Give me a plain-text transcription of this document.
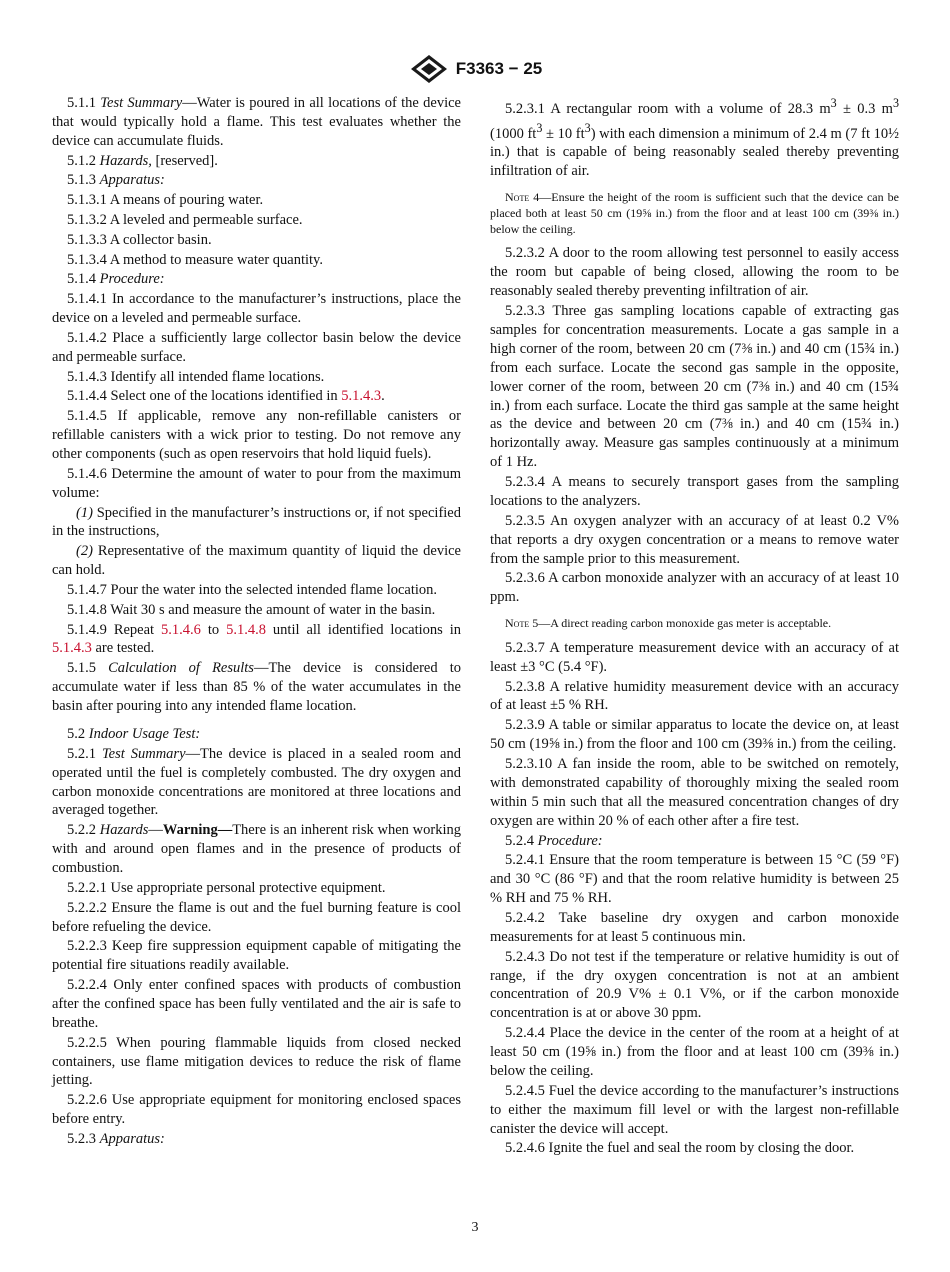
F3363 − 25

5.1.1 Test Summary—Water is poured in all locations of the device that would typically hold a flame. This test evaluates whether the device can accumulate fluids.

5.1.2 Hazards, [reserved].

5.1.3 Apparatus:

5.1.3.1 A means of pouring water.

5.1.3.2 A leveled and permeable surface.

5.1.3.3 A collector basin.

5.1.3.4 A method to measure water quantity.

5.1.4 Procedure:

5.1.4.1 In accordance to the manufacturer’s instructions, place the device on a leveled and permeable surface.

5.1.4.2 Place a sufficiently large collector basin below the device and permeable surface.

5.1.4.3 Identify all intended flame locations.

5.1.4.4 Select one of the locations identified in 5.1.4.3.

5.1.4.5 If applicable, remove any non-refillable canisters or refillable canisters with a wick prior to testing. Do not remove any other components (such as open reservoirs that hold liquid fuels).

5.1.4.6 Determine the amount of water to pour from the maximum volume:

(1) Specified in the manufacturer’s instructions or, if not specified in the instructions,

(2) Representative of the maximum quantity of liquid the device can hold.

5.1.4.7 Pour the water into the selected intended flame location.

5.1.4.8 Wait 30 s and measure the amount of water in the basin.

5.1.4.9 Repeat 5.1.4.6 to 5.1.4.8 until all identified locations in 5.1.4.3 are tested.

5.1.5 Calculation of Results—The device is considered to accumulate water if less than 85 % of the water accumulates in the basin after pouring into any intended flame location.

5.2 Indoor Usage Test:

5.2.1 Test Summary—The device is placed in a sealed room and operated until the fuel is completely combusted. The dry oxygen and carbon monoxide concentrations are monitored at three locations and averaged together.

5.2.2 Hazards—Warning—There is an inherent risk when working with and around open flames and in the presence of products of combustion.

5.2.2.1 Use appropriate personal protective equipment.

5.2.2.2 Ensure the flame is out and the fuel burning feature is cool before refueling the device.

5.2.2.3 Keep fire suppression equipment capable of mitigating the potential fire situations readily available.

5.2.2.4 Only enter confined spaces with products of combustion after the confined space has been fully ventilated and the air is safe to breathe.

5.2.2.5 When pouring flammable liquids from closed necked containers, use flame mitigation devices to reduce the risk of flame jetting.

5.2.2.6 Use appropriate equipment for monitoring enclosed spaces before entry.

5.2.3 Apparatus:

5.2.3.1 A rectangular room with a volume of 28.3 $m^3 \pm 0.3$ $m^3$ (1000 $ft^3 \pm 10$ $ft^3$) with each dimension a minimum of 2.4 m (7 ft 10½ in.) that is capable of being reasonably sealed thereby preventing infiltration of air.

Note 4—Ensure the height of the room is sufficient such that the device can be placed both at least 50 cm (19⅝ in.) from the floor and at least 100 cm (39⅜ in.) below the ceiling.

5.2.3.2 A door to the room allowing test personnel to easily access the room but capable of being closed, allowing the room to be reasonably sealed thereby preventing infiltration of air.

5.2.3.3 Three gas sampling locations capable of extracting gas samples for concentration measurements. Locate a gas sample in a high corner of the room, between 20 cm (7⅜ in.) and 40 cm (15¾ in.) from each surface. Locate the second gas sample in the opposite, lower corner of the room, between 20 cm (7⅜ in.) and 40 cm (15¾ in.) from each surface. Locate the third gas sample at the same height as the device and between 20 cm (7⅜ in.) and 40 cm (15¾ in.) horizontally away. Measure gas samples continuously at a minimum of 1 Hz.

5.2.3.4 A means to securely transport gases from the sampling locations to the analyzers.

5.2.3.5 An oxygen analyzer with an accuracy of at least 0.2 V% that reports a dry oxygen concentration or a means to remove water from the sample prior to this measurement.

5.2.3.6 A carbon monoxide analyzer with an accuracy of at least 10 ppm.

Note 5—A direct reading carbon monoxide gas meter is acceptable.

5.2.3.7 A temperature measurement device with an accuracy of at least ±3 °C (5.4 °F).

5.2.3.8 A relative humidity measurement device with an accuracy of at least ±5 % RH.

5.2.3.9 A table or similar apparatus to locate the device on, at least 50 cm (19⅝ in.) from the floor and 100 cm (39⅜ in.) from the ceiling.

5.2.3.10 A fan inside the room, able to be switched on remotely, with demonstrated capability of thoroughly mixing the sealed room within 5 min such that all the measured concentration changes of dry oxygen are within 20 % of each other after a fire test.

5.2.4 Procedure:

5.2.4.1 Ensure that the room temperature is between 15 °C (59 °F) and 30 °C (86 °F) and that the room relative humidity is between 25 % RH and 75 % RH.

5.2.4.2 Take baseline dry oxygen and carbon monoxide measurements for at least 5 continuous min.

5.2.4.3 Do not test if the temperature or relative humidity is out of range, if the dry oxygen concentration is not at an ambient concentration of 20.9 V% ± 0.1 V%, or if the carbon monoxide concentration is at or above 30 ppm.

5.2.4.4 Place the device in the center of the room at a height of at least 50 cm (19⅝ in.) from the floor and at least 100 cm (39⅜ in.) below the ceiling.

5.2.4.5 Fuel the device according to the manufacturer’s instructions to either the maximum fill level or with the largest non-refillable canister the device will accept.

5.2.4.6 Ignite the fuel and seal the room by closing the door.

3
